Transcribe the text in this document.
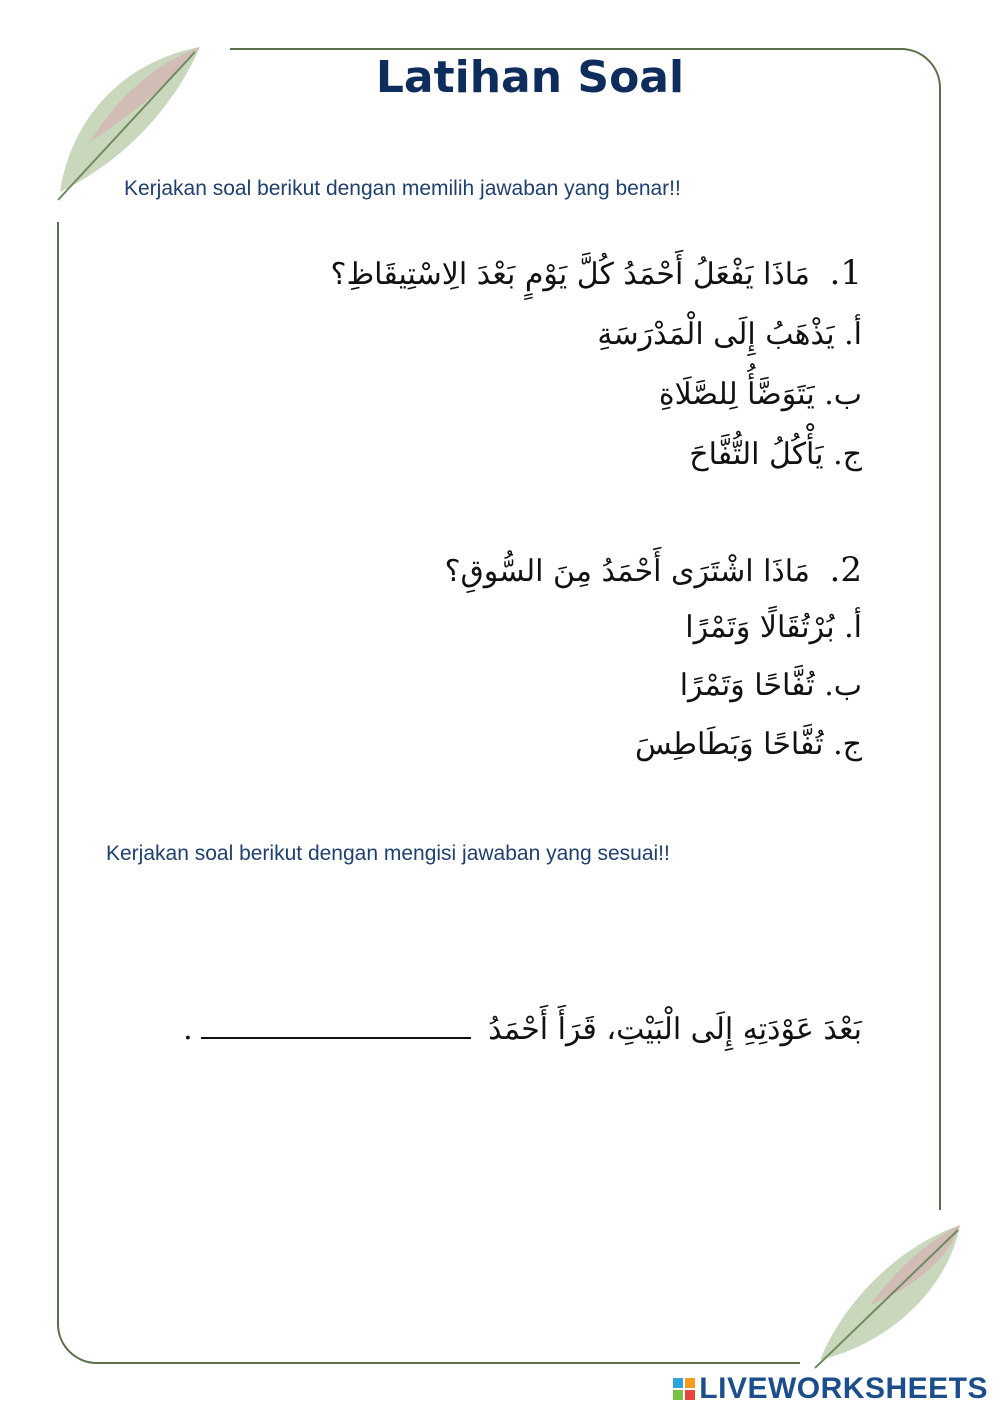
Latihan Soal
Kerjakan soal berikut dengan memilih jawaban yang benar!!
1. مَاذَا يَفْعَلُ أَحْمَدُ كُلَّ يَوْمٍ بَعْدَ الِاسْتِيقَاظِ؟
أ. يَذْهَبُ إِلَى الْمَدْرَسَةِ
ب. يَتَوَضَّأُ لِلصَّلَاةِ
ج. يَأْكُلُ التُّفَّاحَ
2. مَاذَا اشْتَرَى أَحْمَدُ مِنَ السُّوقِ؟
أ. بُرْتُقَالًا وَتَمْرًا
ب. تُفَّاحًا وَتَمْرًا
ج. تُفَّاحًا وَبَطَاطِسَ
Kerjakan soal berikut dengan mengisi jawaban yang sesuai!!
بَعْدَ عَوْدَتِهِ إِلَى الْبَيْتِ، قَرَأَ أَحْمَدُ .
LIVEWORKSHEETS
